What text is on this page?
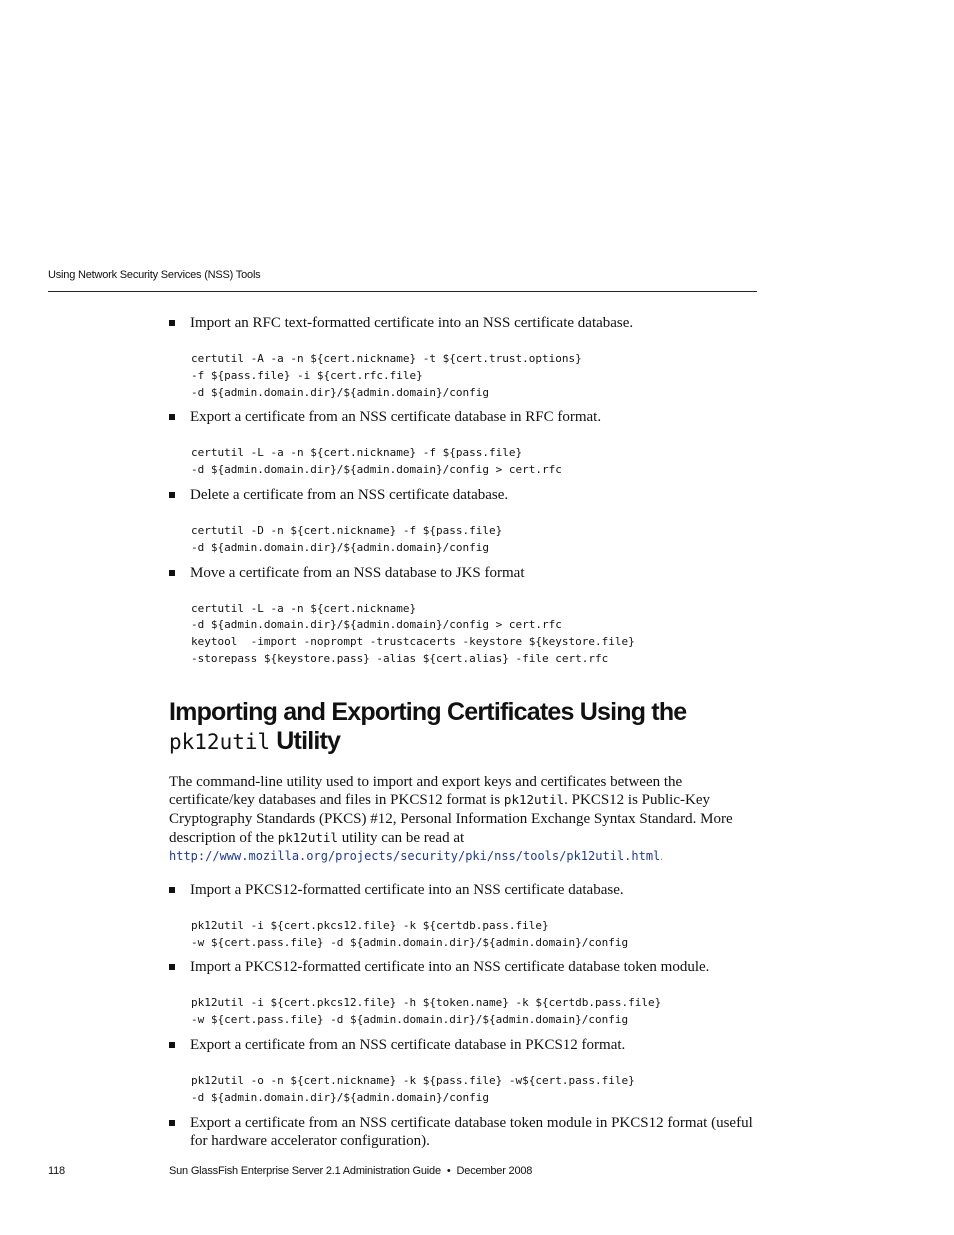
Using Network Security Services (NSS) Tools
Import an RFC text-formatted certificate into an NSS certificate database.
certutil -A -a -n ${cert.nickname} -t ${cert.trust.options}
-f ${pass.file} -i ${cert.rfc.file}
-d ${admin.domain.dir}/${admin.domain}/config
Export a certificate from an NSS certificate database in RFC format.
certutil -L -a -n ${cert.nickname} -f ${pass.file}
-d ${admin.domain.dir}/${admin.domain}/config > cert.rfc
Delete a certificate from an NSS certificate database.
certutil -D -n ${cert.nickname} -f ${pass.file}
-d ${admin.domain.dir}/${admin.domain}/config
Move a certificate from an NSS database to JKS format
certutil -L -a -n ${cert.nickname}
-d ${admin.domain.dir}/${admin.domain}/config > cert.rfc
keytool  -import -noprompt -trustcacerts -keystore ${keystore.file}
-storepass ${keystore.pass} -alias ${cert.alias} -file cert.rfc
Importing and Exporting Certificates Using the
pk12util Utility
The command-line utility used to import and export keys and certificates between the certificate/key databases and files in PKCS12 format is pk12util. PKCS12 is Public-Key Cryptography Standards (PKCS) #12, Personal Information Exchange Syntax Standard. More description of the pk12util utility can be read at
http://www.mozilla.org/projects/security/pki/nss/tools/pk12util.html.
Import a PKCS12-formatted certificate into an NSS certificate database.
pk12util -i ${cert.pkcs12.file} -k ${certdb.pass.file}
-w ${cert.pass.file} -d ${admin.domain.dir}/${admin.domain}/config
Import a PKCS12-formatted certificate into an NSS certificate database token module.
pk12util -i ${cert.pkcs12.file} -h ${token.name} -k ${certdb.pass.file}
-w ${cert.pass.file} -d ${admin.domain.dir}/${admin.domain}/config
Export a certificate from an NSS certificate database in PKCS12 format.
pk12util -o -n ${cert.nickname} -k ${pass.file} -w${cert.pass.file}
-d ${admin.domain.dir}/${admin.domain}/config
Export a certificate from an NSS certificate database token module in PKCS12 format (useful for hardware accelerator configuration).
118	Sun GlassFish Enterprise Server 2.1 Administration Guide • December 2008
